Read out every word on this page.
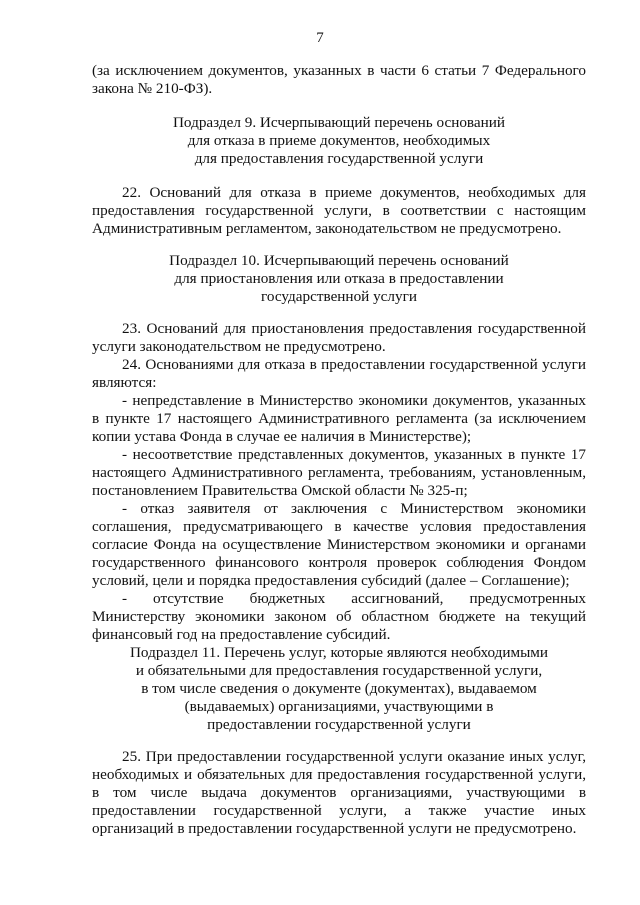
7

(за исключением документов, указанных в части 6 статьи 7 Федерального закона № 210-ФЗ).

Подраздел 9. Исчерпывающий перечень оснований
для отказа в приеме документов, необходимых
для предоставления государственной услуги

22. Оснований для отказа в приеме документов, необходимых для предоставления государственной услуги, в соответствии с настоящим Административным регламентом, законодательством не предусмотрено.

Подраздел 10. Исчерпывающий перечень оснований
для приостановления или отказа в предоставлении
государственной услуги

23. Оснований для приостановления предоставления государственной услуги законодательством не предусмотрено.

24. Основаниями для отказа в предоставлении государственной услуги являются:

- непредставление в Министерство экономики документов, указанных в пункте 17 настоящего Административного регламента (за исключением копии устава Фонда в случае ее наличия в Министерстве);

- несоответствие представленных документов, указанных в пункте 17 настоящего Административного регламента, требованиям, установленным, постановлением Правительства Омской области № 325-п;

- отказ заявителя от заключения с Министерством экономики соглашения, предусматривающего в качестве условия предоставления согласие Фонда на осуществление Министерством экономики и органами государственного финансового контроля проверок соблюдения Фондом условий, цели и порядка предоставления субсидий (далее – Соглашение);

- отсутствие бюджетных ассигнований, предусмотренных Министерству экономики законом об областном бюджете на текущий финансовый год на предоставление субсидий.

Подраздел 11. Перечень услуг, которые являются необходимыми
и обязательными для предоставления государственной услуги,
в том числе сведения о документе (документах), выдаваемом
(выдаваемых) организациями, участвующими в
предоставлении государственной услуги

25. При предоставлении государственной услуги оказание иных услуг, необходимых и обязательных для предоставления государственной услуги, в том числе выдача документов организациями, участвующими в предоставлении государственной услуги, а также участие иных организаций в предоставлении государственной услуги не предусмотрено.
